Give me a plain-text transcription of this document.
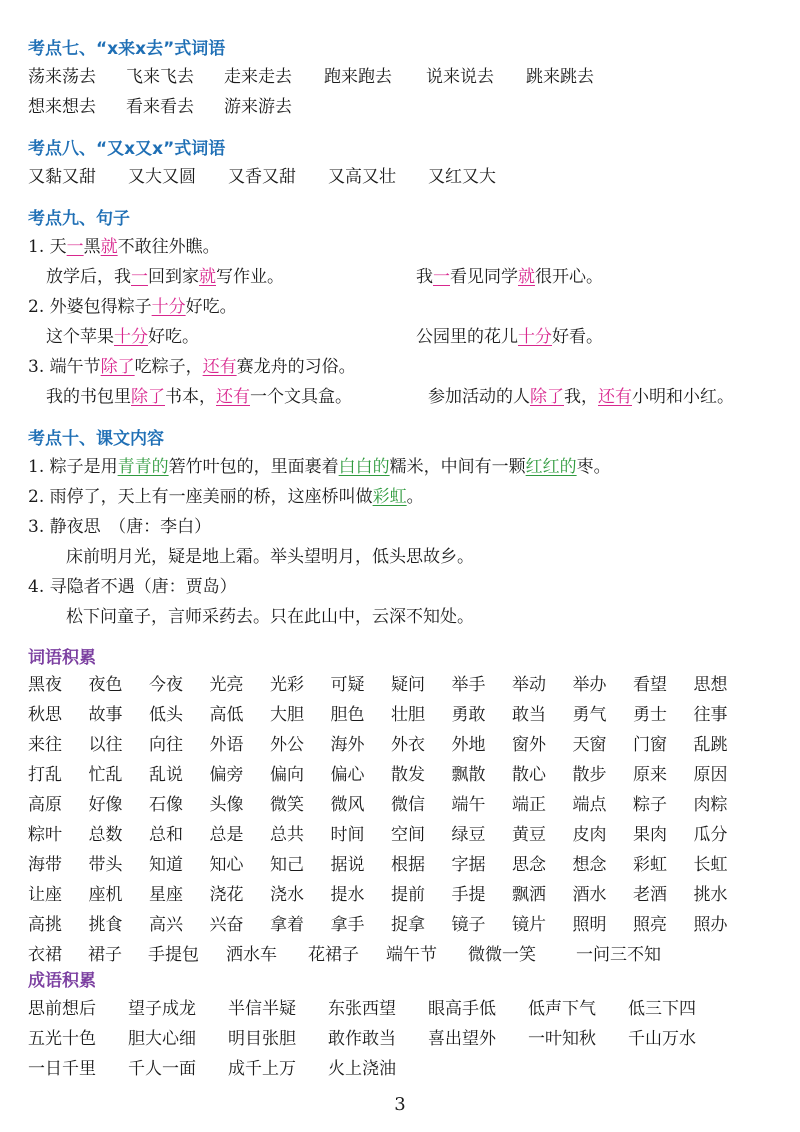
考点七、“x来x去”式词语
荡来荡去 飞来飞去 走来走去 跑来跑去 说来说去 跳来跳去
想来想去 看来看去 游来游去
考点八、“又x又x”式词语
又黏又甜 又大又圆 又香又甜 又高又壮 又红又大
考点九、句子
1. 天一黑就不敢往外瞧。
放学后，我一回到家就写作业。	我一看见同学就很开心。
2. 外婆包得粽子十分好吃。
这个苹果十分好吃。	公园里的花儿十分好看。
3. 端午节除了吃粽子，还有赛龙舟的习俗。
我的书包里除了书本，还有一个文具盒。	参加活动的人除了我，还有小明和小红。
考点十、课文内容
1. 粽子是用青青的箬竹叶包的，里面裹着白白的糯米，中间有一颗红红的枣。
2. 雨停了，天上有一座美丽的桥，这座桥叫做彩虹。
3. 静夜思　（唐：李白）
床前明月光，疑是地上霜。举头望明月，低头思故乡。
4. 寻隐者不遇（唐：贾岛）
松下问童子，言师采药去。只在此山中，云深不知处。
词语积累
黑夜 夜色 今夜 光亮 光彩 可疑 疑问 举手 举动 举办 看望 思想
秋思 故事 低头 高低 大胆 胆色 壮胆 勇敢 敢当 勇气 勇士 往事
来往 以往 向往 外语 外公 海外 外衣 外地 窗外 天窗 门窗 乱跳
打乱 忙乱 乱说 偏旁 偏向 偏心 散发 飘散 散心 散步 原来 原因
高原 好像 石像 头像 微笑 微风 微信 端午 端正 端点 粽子 肉粽
粽叶 总数 总和 总是 总共 时间 空间 绿豆 黄豆 皮肉 果肉 瓜分
海带 带头 知道 知心 知己 据说 根据 字据 思念 想念 彩虹 长虹
让座 座机 星座 浇花 浇水 提水 提前 手提 飘洒 酒水 老酒 挑水
高挑 挑食 高兴 兴奋 拿着 拿手 捉拿 镜子 镜片 照明 照亮 照办
衣裙 裙子 手提包 洒水车 花裙子 端午节 微微一笑 一问三不知
成语积累
思前想后 望子成龙 半信半疑 东张西望 眼高手低 低声下气 低三下四
五光十色 胆大心细 明目张胆 敢作敢当 喜出望外 一叶知秋 千山万水
一日千里 千人一面 成千上万 火上浇油
3
